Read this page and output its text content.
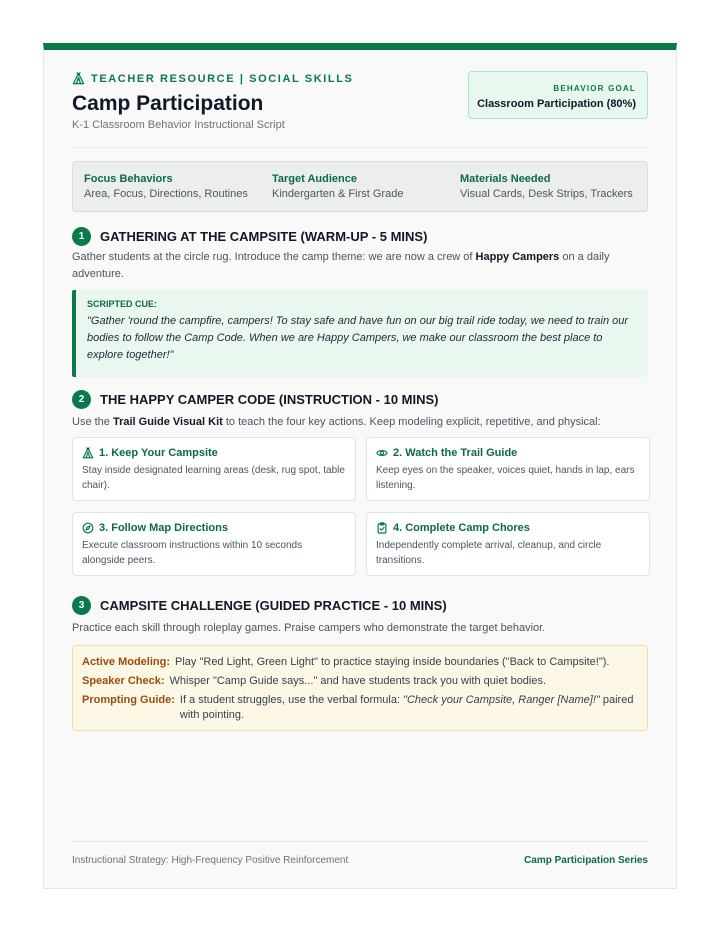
TEACHER RESOURCE | SOCIAL SKILLS
Camp Participation
K-1 Classroom Behavior Instructional Script
BEHAVIOR GOAL
Classroom Participation (80%)
Focus Behaviors
Area, Focus, Directions, Routines
Target Audience
Kindergarten & First Grade
Materials Needed
Visual Cards, Desk Strips, Trackers
1	GATHERING AT THE CAMPSITE (WARM-UP - 5 MINS)
Gather students at the circle rug. Introduce the camp theme: we are now a crew of Happy Campers on a daily adventure.
SCRIPTED CUE:
"Gather 'round the campfire, campers! To stay safe and have fun on our big trail ride today, we need to train our bodies to follow the Camp Code. When we are Happy Campers, we make our classroom the best place to explore together!"
2	THE HAPPY CAMPER CODE (INSTRUCTION - 10 MINS)
Use the Trail Guide Visual Kit to teach the four key actions. Keep modeling explicit, repetitive, and physical:
1. Keep Your Campsite
Stay inside designated learning areas (desk, rug spot, table chair).
2. Watch the Trail Guide
Keep eyes on the speaker, voices quiet, hands in lap, ears listening.
3. Follow Map Directions
Execute classroom instructions within 10 seconds alongside peers.
4. Complete Camp Chores
Independently complete arrival, cleanup, and circle transitions.
3	CAMPSITE CHALLENGE (GUIDED PRACTICE - 10 MINS)
Practice each skill through roleplay games. Praise campers who demonstrate the target behavior.
Active Modeling: Play "Red Light, Green Light" to practice staying inside boundaries ("Back to Campsite!").
Speaker Check: Whisper "Camp Guide says..." and have students track you with quiet bodies.
Prompting Guide: If a student struggles, use the verbal formula: "Check your Campsite, Ranger [Name]!" paired with pointing.
Instructional Strategy: High-Frequency Positive Reinforcement	Camp Participation Series
